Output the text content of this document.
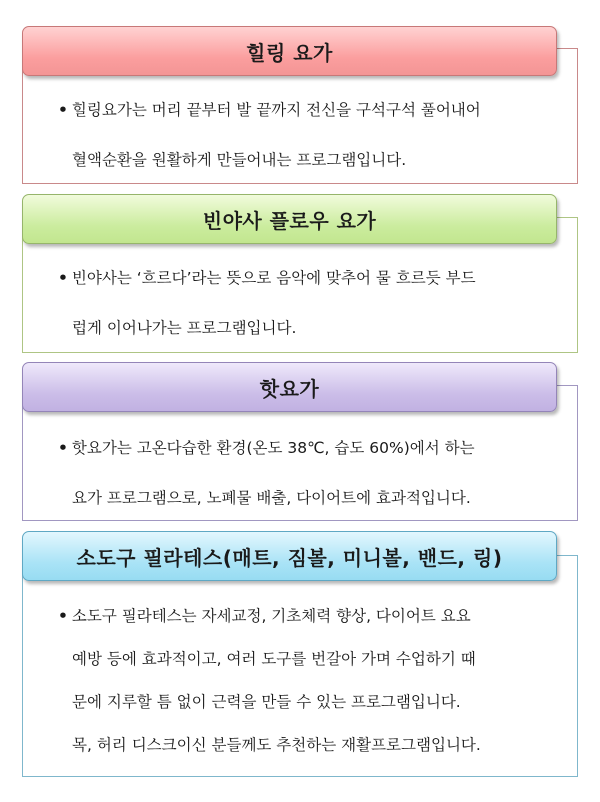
힐링 요가
• 힐링요가는 머리 끝부터 발 끝까지 전신을 구석구석 풀어내어
혈액순환을 원활하게 만들어내는 프로그램입니다.
빈야사 플로우 요가
• 빈야사는 ‘흐르다’라는 뜻으로 음악에 맞추어 물 흐르듯 부드
럽게 이어나가는 프로그램입니다.
핫요가
• 핫요가는 고온다습한 환경(온도 38℃, 습도 60%)에서 하는
요가 프로그램으로, 노폐물 배출, 다이어트에 효과적입니다.
소도구 필라테스(매트, 짐볼, 미니볼, 밴드, 링)
• 소도구 필라테스는 자세교정, 기초체력 향상, 다이어트 요요
예방 등에 효과적이고, 여러 도구를 번갈아 가며 수업하기 때
문에 지루할 틈 없이 근력을 만들 수 있는 프로그램입니다.
목, 허리 디스크이신 분들께도 추천하는 재활프로그램입니다.
